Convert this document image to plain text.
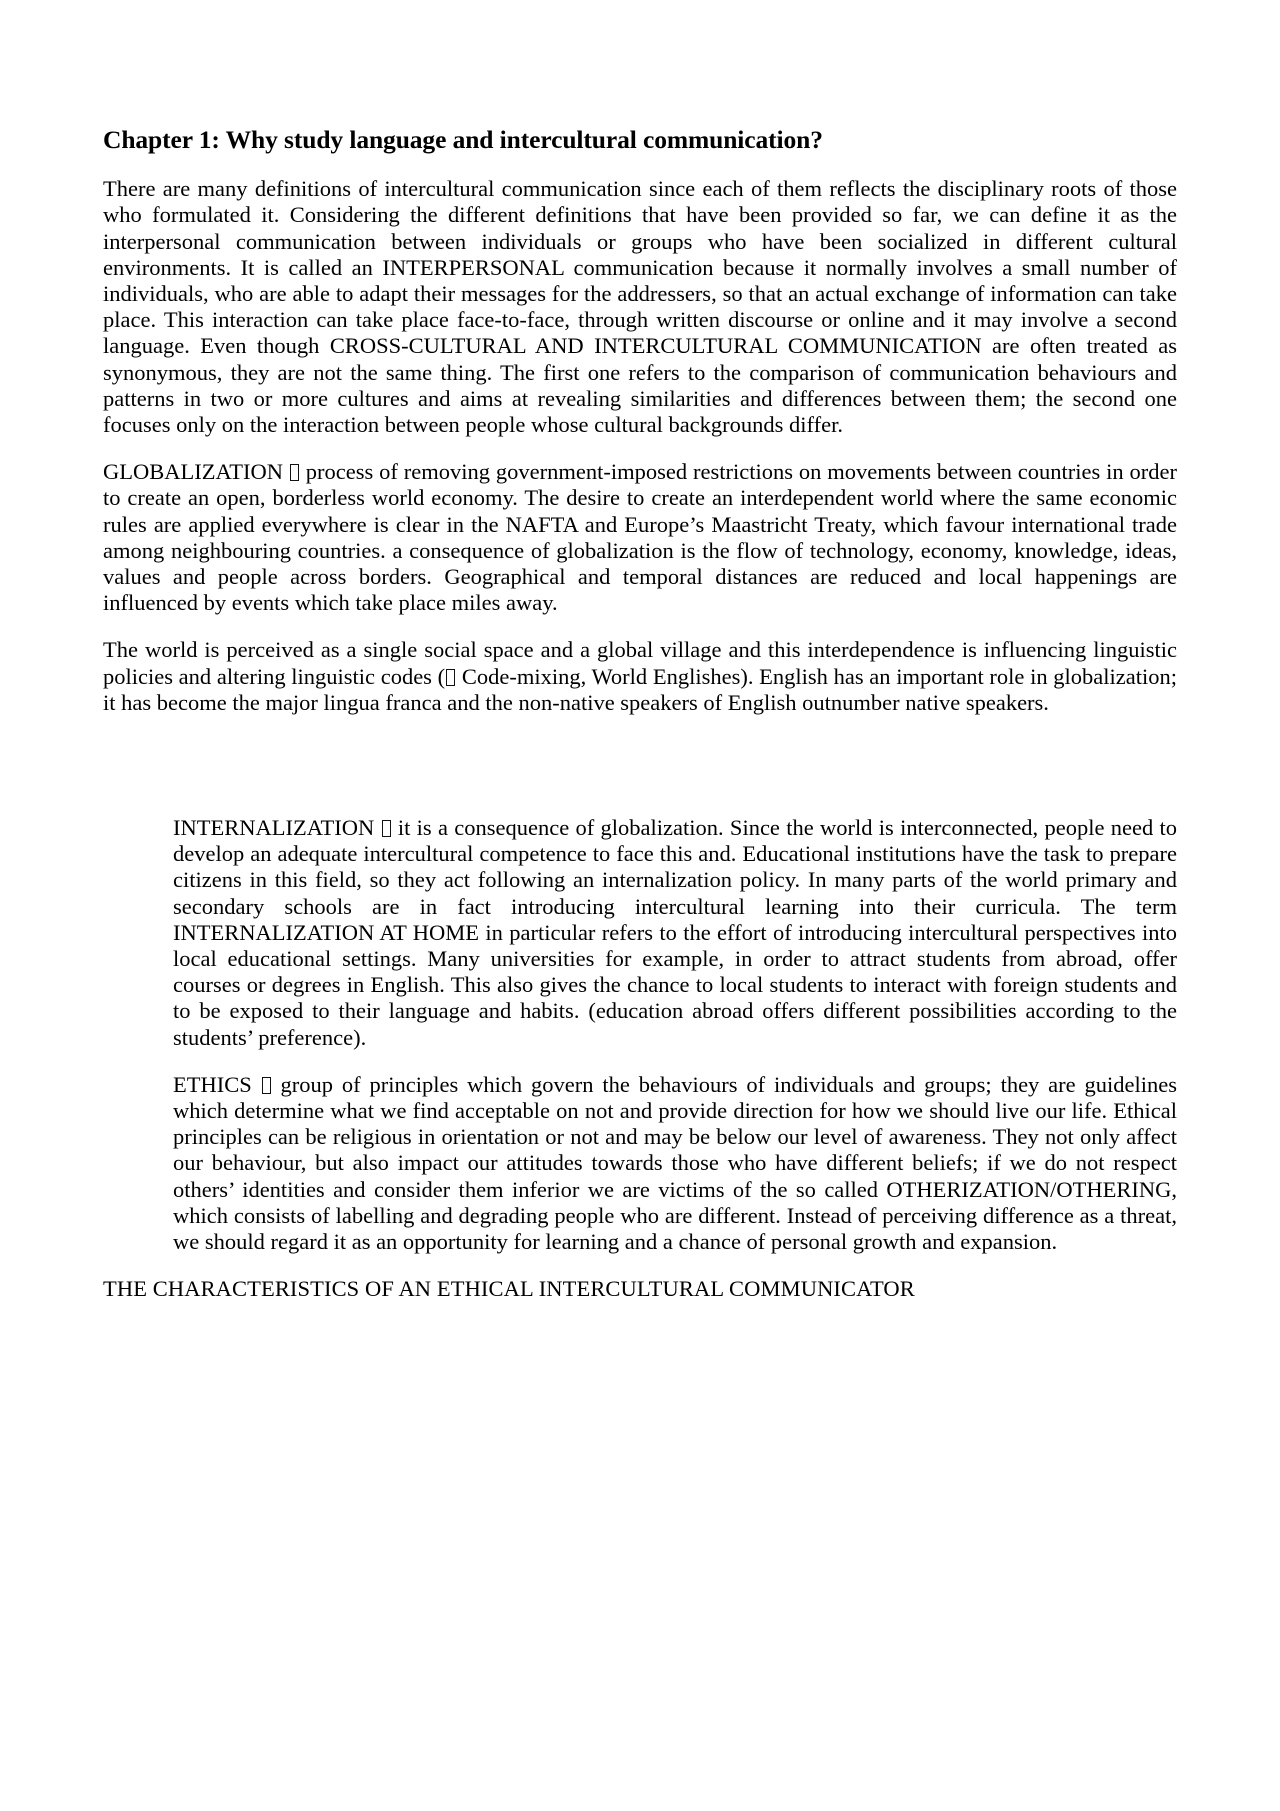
Chapter 1: Why study language and intercultural communication?

There are many definitions of intercultural communication since each of them reflects the disciplinary roots of those who formulated it. Considering the different definitions that have been provided so far, we can define it as the interpersonal communication between individuals or groups who have been socialized in different cultural environments. It is called an INTERPERSONAL communication because it normally involves a small number of individuals, who are able to adapt their messages for the addressers, so that an actual exchange of information can take place. This interaction can take place face-to-face, through written discourse or online and it may involve a second language. Even though CROSS-CULTURAL AND INTERCULTURAL COMMUNICATION are often treated as synonymous, they are not the same thing. The first one refers to the comparison of communication behaviours and patterns in two or more cultures and aims at revealing similarities and differences between them; the second one focuses only on the interaction between people whose cultural backgrounds differ.

GLOBALIZATION process of removing government-imposed restrictions on movements between countries in order to create an open, borderless world economy. The desire to create an interdependent world where the same economic rules are applied everywhere is clear in the NAFTA and Europe’s Maastricht Treaty, which favour international trade among neighbouring countries. a consequence of globalization is the flow of technology, economy, knowledge, ideas, values and people across borders. Geographical and temporal distances are reduced and local happenings are influenced by events which take place miles away.

The world is perceived as a single social space and a global village and this interdependence is influencing linguistic policies and altering linguistic codes ( Code-mixing, World Englishes). English has an important role in globalization; it has become the major lingua franca and the non-native speakers of English outnumber native speakers.

INTERNALIZATION it is a consequence of globalization. Since the world is interconnected, people need to develop an adequate intercultural competence to face this and. Educational institutions have the task to prepare citizens in this field, so they act following an internalization policy. In many parts of the world primary and secondary schools are in fact introducing intercultural learning into their curricula. The term INTERNALIZATION AT HOME in particular refers to the effort of introducing intercultural perspectives into local educational settings. Many universities for example, in order to attract students from abroad, offer courses or degrees in English. This also gives the chance to local students to interact with foreign students and to be exposed to their language and habits. (education abroad offers different possibilities according to the students’ preference).

ETHICS group of principles which govern the behaviours of individuals and groups; they are guidelines which determine what we find acceptable on not and provide direction for how we should live our life. Ethical principles can be religious in orientation or not and may be below our level of awareness. They not only affect our behaviour, but also impact our attitudes towards those who have different beliefs; if we do not respect others’ identities and consider them inferior we are victims of the so called OTHERIZATION/OTHERING, which consists of labelling and degrading people who are different. Instead of perceiving difference as a threat, we should regard it as an opportunity for learning and a chance of personal growth and expansion.

THE CHARACTERISTICS OF AN ETHICAL INTERCULTURAL COMMUNICATOR
